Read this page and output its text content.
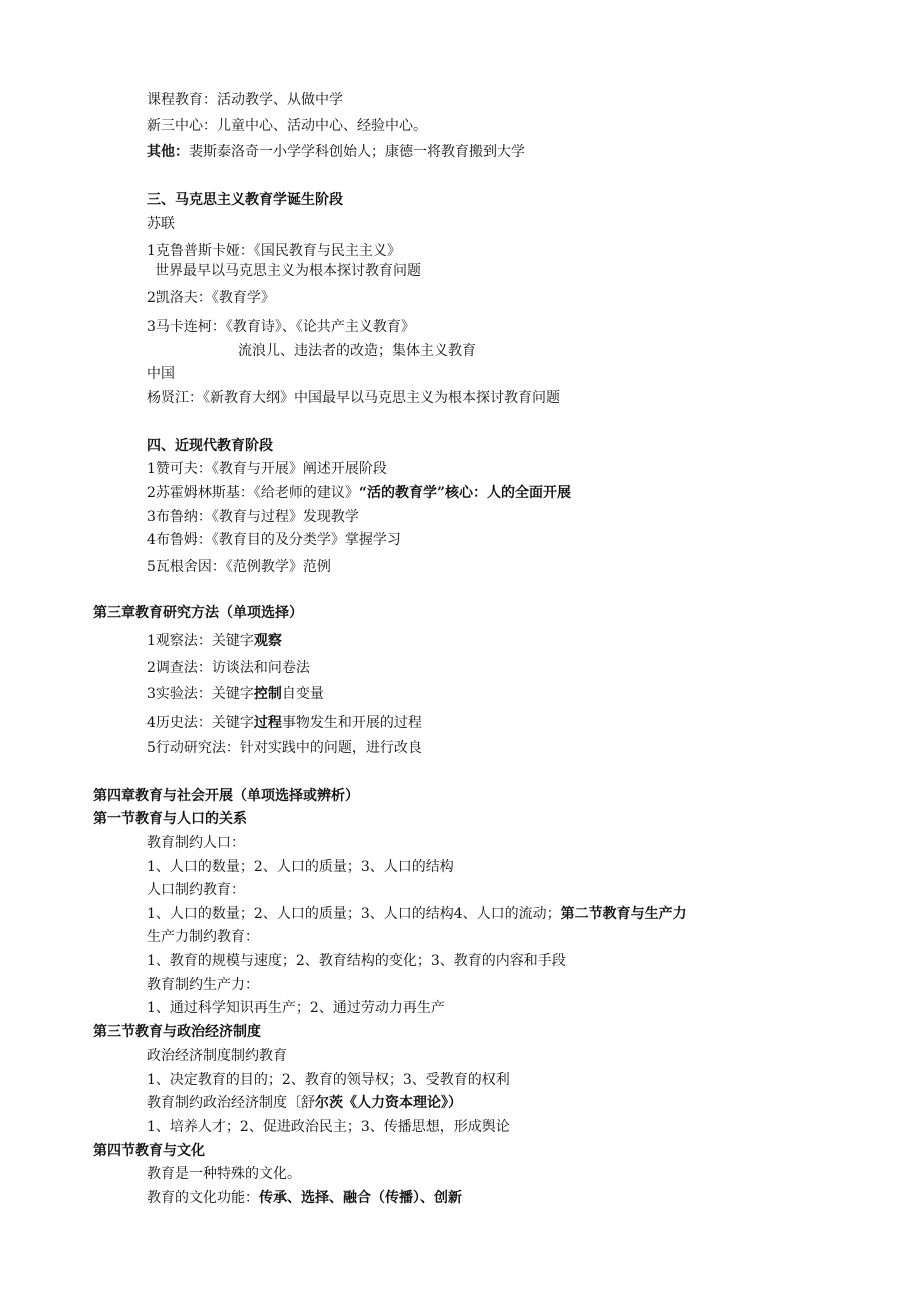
课程教育：活动教学、从做中学
新三中心：儿童中心、活动中心、经验中心。
其他：裴斯泰洛奇一小学学科创始人；康德一将教育搬到大学
三、马克思主义教育学诞生阶段
苏联
1克鲁普斯卡娅：《国民教育与民主主义》
世界最早以马克思主义为根本探讨教育问题
2凯洛夫：《教育学》
3马卡连柯：《教育诗》、《论共产主义教育》
流浪儿、违法者的改造；集体主义教育
中国
杨贤江：《新教育大纲》中国最早以马克思主义为根本探讨教育问题
四、近现代教育阶段
1赞可夫：《教育与开展》阐述开展阶段
2苏霍姆林斯基：《给老师的建议》“活的教育学”核心：人的全面开展
3布鲁纳：《教育与过程》发现教学
4布鲁姆：《教育目的及分类学》掌握学习
5瓦根舍因：《范例教学》范例
第三章教育研究方法（单项选择）
1观察法：关键字观察
2调查法：访谈法和问卷法
3实验法：关键字控制自变量
4历史法：关键字过程事物发生和开展的过程
5行动研究法：针对实践中的问题，进行改良
第四章教育与社会开展（单项选择或辨析）
第一节教育与人口的关系
教育制约人口：
1、人口的数量；2、人口的质量；3、人口的结构
人口制约教育：
1、人口的数量；2、人口的质量；3、人口的结构4、人口的流动；第二节教育与生产力
生产力制约教育：
1、教育的规模与速度；2、教育结构的变化；3、教育的内容和手段
教育制约生产力：
1、通过科学知识再生产；2、通过劳动力再生产
第三节教育与政治经济制度
政治经济制度制约教育
1、决定教育的目的；2、教育的领导权；3、受教育的权利
教育制约政治经济制度〔舒尔茨《人力资本理论》）
1、培养人才；2、促进政治民主；3、传播思想，形成舆论
第四节教育与文化
教育是一种特殊的文化。
教育的文化功能：传承、选择、融合（传播）、创新
